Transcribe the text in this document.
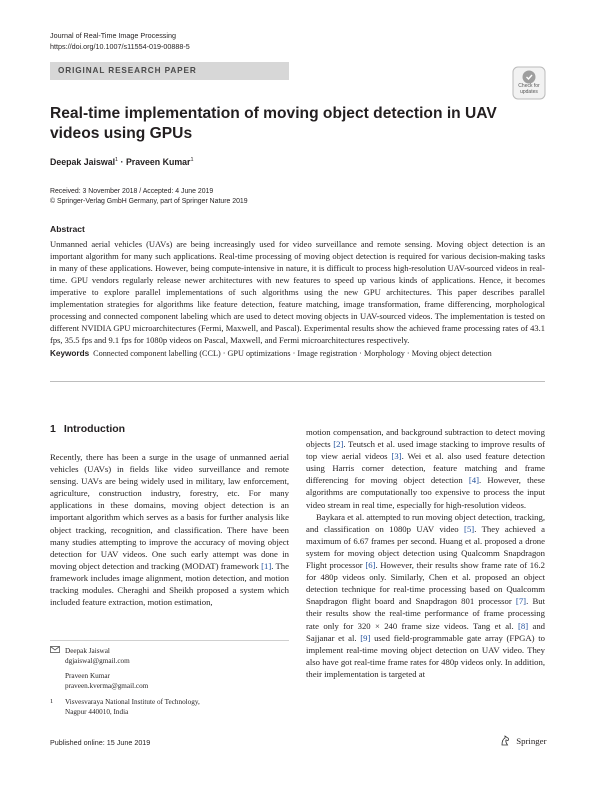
Journal of Real-Time Image Processing
https://doi.org/10.1007/s11554-019-00888-5
ORIGINAL RESEARCH PAPER
Check for updates
Real-time implementation of moving object detection in UAV videos using GPUs
Deepak Jaiswal$^1$ · Praveen Kumar$^1$
Received: 3 November 2018 / Accepted: 4 June 2019
© Springer-Verlag GmbH Germany, part of Springer Nature 2019
Abstract
Unmanned aerial vehicles (UAVs) are being increasingly used for video surveillance and remote sensing. Moving object detection is an important algorithm for many such applications. Real-time processing of moving object detection is required for various decision-making tasks in many of these applications. However, being compute-intensive in nature, it is difficult to process high-resolution UAV-sourced videos in real-time. GPU vendors regularly release newer architectures with new features to speed up various kinds of applications. Hence, it becomes imperative to explore parallel implementations of such algorithms using the new GPU architectures. This paper describes parallel implementation strategies for algorithms like feature detection, feature matching, image transformation, frame differencing, morphological processing and connected component labeling which are used to detect moving objects in UAV-sourced videos. The implementation is tested on different NVIDIA GPU microarchitectures (Fermi, Maxwell, and Pascal). Experimental results show the achieved frame processing rates of 43.1 fps, 35.5 fps and 9.1 fps for 1080p videos on Pascal, Maxwell, and Fermi microarchitectures respectively.
Keywords Connected component labelling (CCL) · GPU optimizations · Image registration · Morphology · Moving object detection
1 Introduction
Recently, there has been a surge in the usage of unmanned aerial vehicles (UAVs) in fields like video surveillance and remote sensing. UAVs are being widely used in military, law enforcement, agriculture, construction industry, forestry, etc. For many applications in these domains, moving object detection is an important algorithm which serves as a basis for further analysis like object tracking, recognition, and classification. There have been many studies attempting to improve the accuracy of moving object detection for UAV videos. One such early attempt was done in moving object detection and tracking (MODAT) framework [1]. The framework includes image alignment, motion detection, and motion tracking modules. Cheraghi and Sheikh proposed a system which included feature extraction, motion estimation,
motion compensation, and background subtraction to detect moving objects [2]. Teutsch et al. used image stacking to improve results of top view aerial videos [3]. Wei et al. also used feature detection using Harris corner detection, feature matching and frame differencing for moving object detection [4]. However, these algorithms are computationally too expensive to process the input video stream in real time, especially for high-resolution videos.
Baykara et al. attempted to run moving object detection, tracking, and classification on 1080p UAV video [5]. They achieved a maximum of 6.67 frames per second. Huang et al. proposed a drone system for moving object detection using Qualcomm Snapdragon Flight processor [6]. However, their results show frame rate of 16.2 for 480p videos only. Similarly, Chen et al. proposed an object detection technique for real-time processing based on Qualcomm Snapdragon flight board and Snapdragon 801 processor [7]. But their results show the real-time performance of frame processing rate only for 320 × 240 frame size videos. Tang et al. [8] and Sajjanar et al. [9] used field-programmable gate array (FPGA) to implement real-time moving object detection on UAV video. They also have got real-time frame rates for 480p videos only. In addition, their implementation is targeted at
Deepak Jaiswal
dgjaiswal@gmail.com
Praveen Kumar
praveen.kverma@gmail.com
1 Visvesvaraya National Institute of Technology,
Nagpur 440010, India
Published online: 15 June 2019	Springer
